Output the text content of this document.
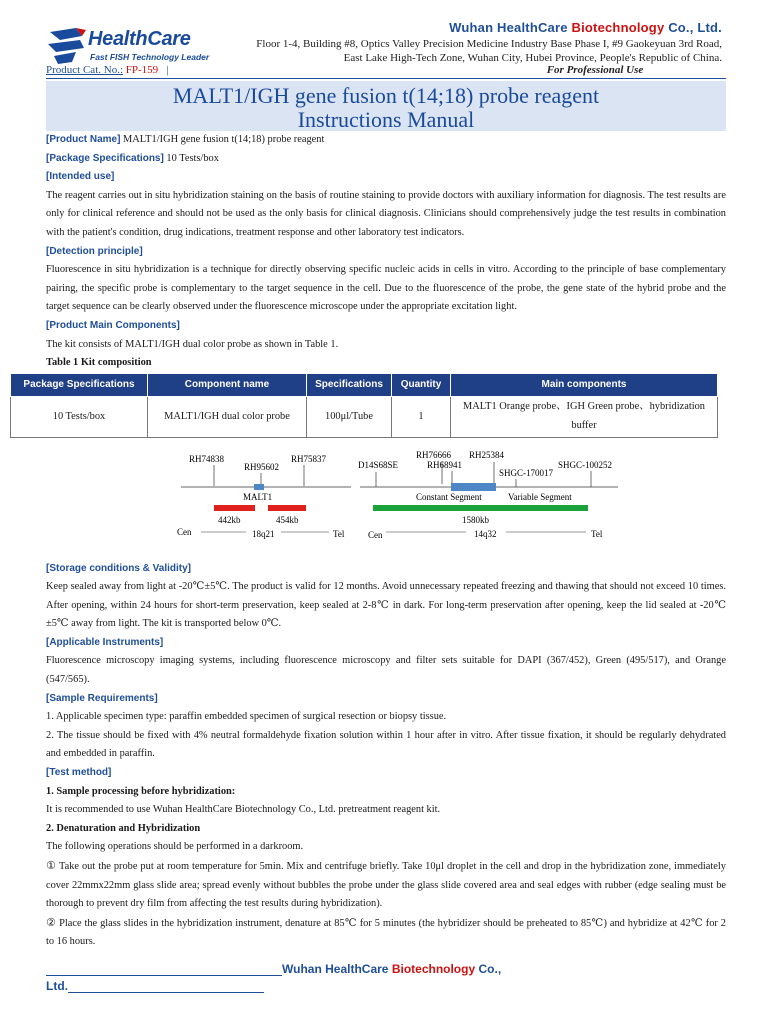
HealthCare
Fast FISH Technology Leader
Wuhan HealthCare Biotechnology Co., Ltd.
Floor 1-4, Building #8, Optics Valley Precision Medicine Industry Base Phase I, #9 Gaokeyuan 3rd Road,
East Lake High-Tech Zone, Wuhan City, Hubei Province, People's Republic of China.
Product Cat. No.: FP-159 |	For Professional Use
MALT1/IGH gene fusion t(14;18) probe reagent
Instructions Manual

[Product Name] MALT1/IGH gene fusion t(14;18) probe reagent

[Package Specifications] 10 Tests/box

[Intended use]

The reagent carries out in situ hybridization staining on the basis of routine staining to provide doctors with auxiliary information for diagnosis. The test results are only for clinical reference and should not be used as the only basis for clinical diagnosis. Clinicians should comprehensively judge the test results in combination with the patient's condition, drug indications, treatment response and other laboratory test indicators.

[Detection principle]

Fluorescence in situ hybridization is a technique for directly observing specific nucleic acids in cells in vitro. According to the principle of base complementary pairing, the specific probe is complementary to the target sequence in the cell. Due to the fluorescence of the probe, the gene state of the hybrid probe and the target sequence can be clearly observed under the fluorescence microscope under the appropriate excitation light.

[Product Main Components]

The kit consists of MALT1/IGH dual color probe as shown in Table 1.

Table 1 Kit composition

Package Specifications	Component name	Specifications	Quantity	Main components
10 Tests/box	MALT1/IGH dual color probe	100μl/Tube	1	MALT1 Orange probe、IGH Green probe、hybridization buffer
RH74838
RH95602
RH75837
MALT1
442kb	454kb
Cen	18q21	Tel
D14S68SE
RH76666
RH68941
RH25384
SHGC-170017
SHGC-100252
Constant Segment	Variable Segment
1580kb
Cen	14q32	Tel

[Storage conditions & Validity]

Keep sealed away from light at -20℃±5℃. The product is valid for 12 months. Avoid unnecessary repeated freezing and thawing that should not exceed 10 times. After opening, within 24 hours for short-term preservation, keep sealed at 2-8℃ in dark. For long-term preservation after opening, keep the lid sealed at -20℃±5℃ away from light. The kit is transported below 0℃.

[Applicable Instruments]

Fluorescence microscopy imaging systems, including fluorescence microscopy and filter sets suitable for DAPI (367/452), Green (495/517), and Orange (547/565).

[Sample Requirements]

1. Applicable specimen type: paraffin embedded specimen of surgical resection or biopsy tissue.

2. The tissue should be fixed with 4% neutral formaldehyde fixation solution within 1 hour after in vitro. After tissue fixation, it should be regularly dehydrated and embedded in paraffin.

[Test method]

1. Sample processing before hybridization:

It is recommended to use Wuhan HealthCare Biotechnology Co., Ltd. pretreatment reagent kit.

2. Denaturation and Hybridization

The following operations should be performed in a darkroom.

① Take out the probe put at room temperature for 5min. Mix and centrifuge briefly. Take 10μl droplet in the cell and drop in the hybridization zone, immediately cover 22mmx22mm glass slide area; spread evenly without bubbles the probe under the glass slide covered area and seal edges with rubber (edge sealing must be thorough to prevent dry film from affecting the test results during hybridization).

② Place the glass slides in the hybridization instrument, denature at 85℃ for 5 minutes (the hybridizer should be preheated to 85℃) and hybridize at 42℃ for 2 to 16 hours.

Wuhan HealthCare Biotechnology Co.,
Ltd.
